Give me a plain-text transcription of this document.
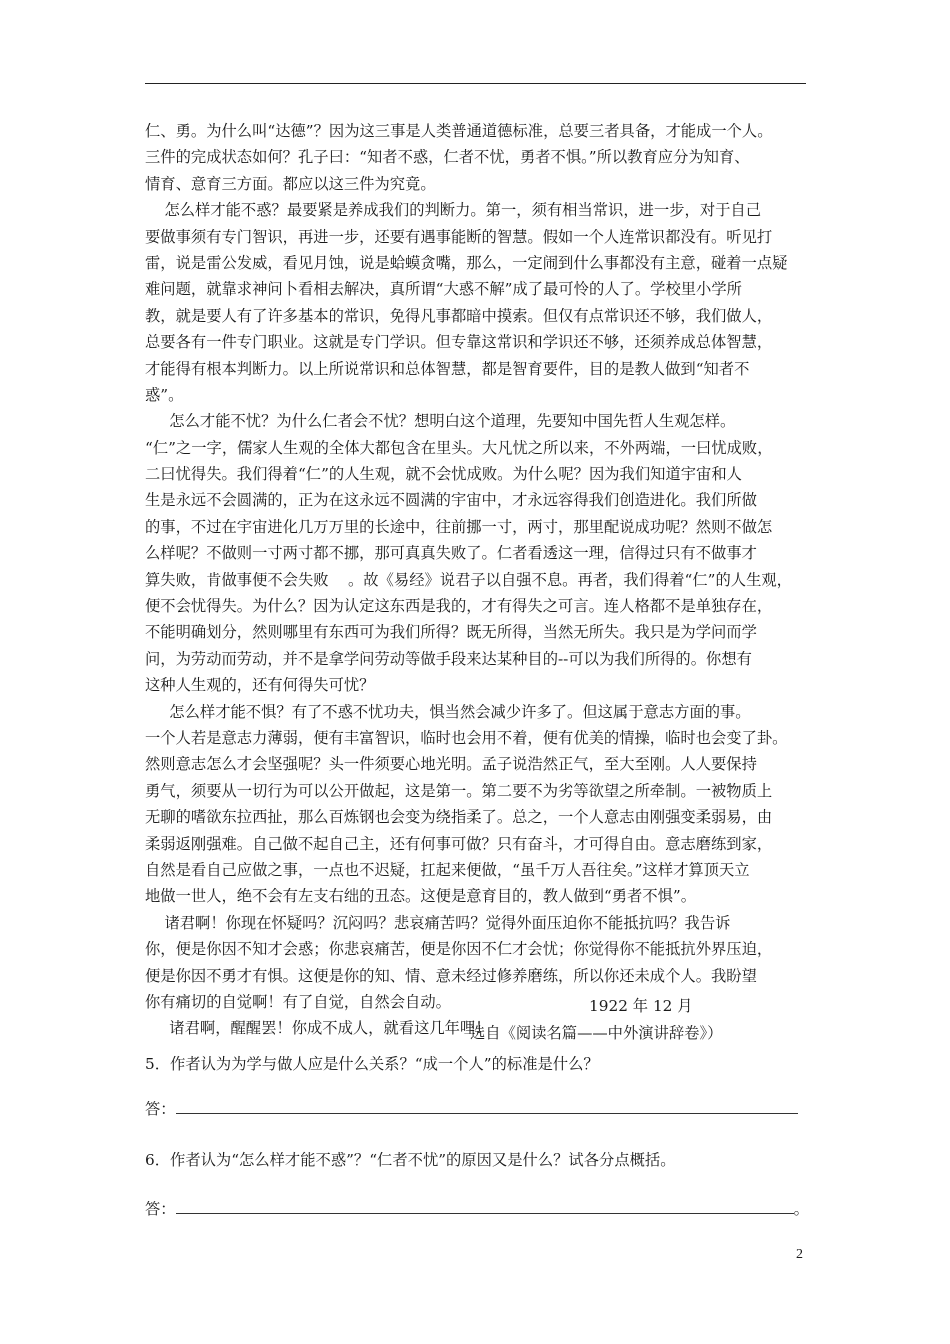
仁、勇。为什么叫“达德”？因为这三事是人类普通道德标准，总要三者具备，才能成一个人。
三件的完成状态如何？孔子曰：“知者不惑，仁者不忧，勇者不惧。”所以教育应分为知育、
情育、意育三方面。都应以这三件为究竟。
怎么样才能不惑？最要紧是养成我们的判断力。第一，须有相当常识，进一步，对于自己
要做事须有专门智识，再进一步，还要有遇事能断的智慧。假如一个人连常识都没有。听见打
雷，说是雷公发威，看见月蚀，说是蛤蟆贪嘴，那么，一定闹到什么事都没有主意，碰着一点疑
难问题，就靠求神问卜看相去解决，真所谓“大惑不解”成了最可怜的人了。学校里小学所
教，就是要人有了许多基本的常识，免得凡事都暗中摸索。但仅有点常识还不够，我们做人，
总要各有一件专门职业。这就是专门学识。但专靠这常识和学识还不够，还须养成总体智慧，
才能得有根本判断力。以上所说常识和总体智慧，都是智育要件，目的是教人做到“知者不
惑”。
怎么才能不忧？为什么仁者会不忧？想明白这个道理，先要知中国先哲人生观怎样。
“仁”之一字，儒家人生观的全体大都包含在里头。大凡忧之所以来，不外两端，一曰忧成败，
二曰忧得失。我们得着“仁”的人生观，就不会忧成败。为什么呢？因为我们知道宇宙和人
生是永远不会圆满的，正为在这永远不圆满的宇宙中，才永远容得我们创造进化。我们所做
的事，不过在宇宙进化几万万里的长途中，往前挪一寸，两寸，那里配说成功呢？然则不做怎
么样呢？不做则一寸两寸都不挪，那可真真失败了。仁者看透这一理，信得过只有不做事才
算失败，肯做事便不会失败    。故《易经》说君子以自强不息。再者，我们得着“仁”的人生观，
便不会忧得失。为什么？因为认定这东西是我的，才有得失之可言。连人格都不是单独存在，
不能明确划分，然则哪里有东西可为我们所得？既无所得，当然无所失。我只是为学问而学
问，为劳动而劳动，并不是拿学问劳动等做手段来达某种目的--可以为我们所得的。你想有
这种人生观的，还有何得失可忧？
怎么样才能不惧？有了不惑不忧功夫，惧当然会减少许多了。但这属于意志方面的事。
一个人若是意志力薄弱，便有丰富智识，临时也会用不着，便有优美的情操，临时也会变了卦。
然则意志怎么才会坚强呢？头一件须要心地光明。孟子说浩然正气，至大至刚。人人要保持
勇气，须要从一切行为可以公开做起，这是第一。第二要不为劣等欲望之所牵制。一被物质上
无聊的嗜欲东拉西扯，那么百炼钢也会变为绕指柔了。总之，一个人意志由刚强变柔弱易，由
柔弱返刚强难。自己做不起自己主，还有何事可做？只有奋斗，才可得自由。意志磨练到家，
自然是看自己应做之事，一点也不迟疑，扛起来便做，“虽千万人吾往矣。”这样才算顶天立
地做一世人，绝不会有左支右绌的丑态。这便是意育目的，教人做到“勇者不惧”。
诸君啊！你现在怀疑吗？沉闷吗？悲哀痛苦吗？觉得外面压迫你不能抵抗吗？我告诉
你，便是你因不知才会惑；你悲哀痛苦，便是你因不仁才会忧；你觉得你不能抵抗外界压迫，
便是你因不勇才有惧。这便是你的知、情、意未经过修养磨练，所以你还未成个人。我盼望
你有痛切的自觉啊！有了自觉，自然会自动。
诸君啊，醒醒罢！你成不成人，就看这几年哩！
1922 年 12 月
选自《阅读名篇——中外演讲辞卷》）
5．作者认为为学与做人应是什么关系？“成一个人”的标准是什么？
答：
6．作者认为“怎么样才能不惑”？“仁者不忧”的原因又是什么？试各分点概括。
答：	。
2
